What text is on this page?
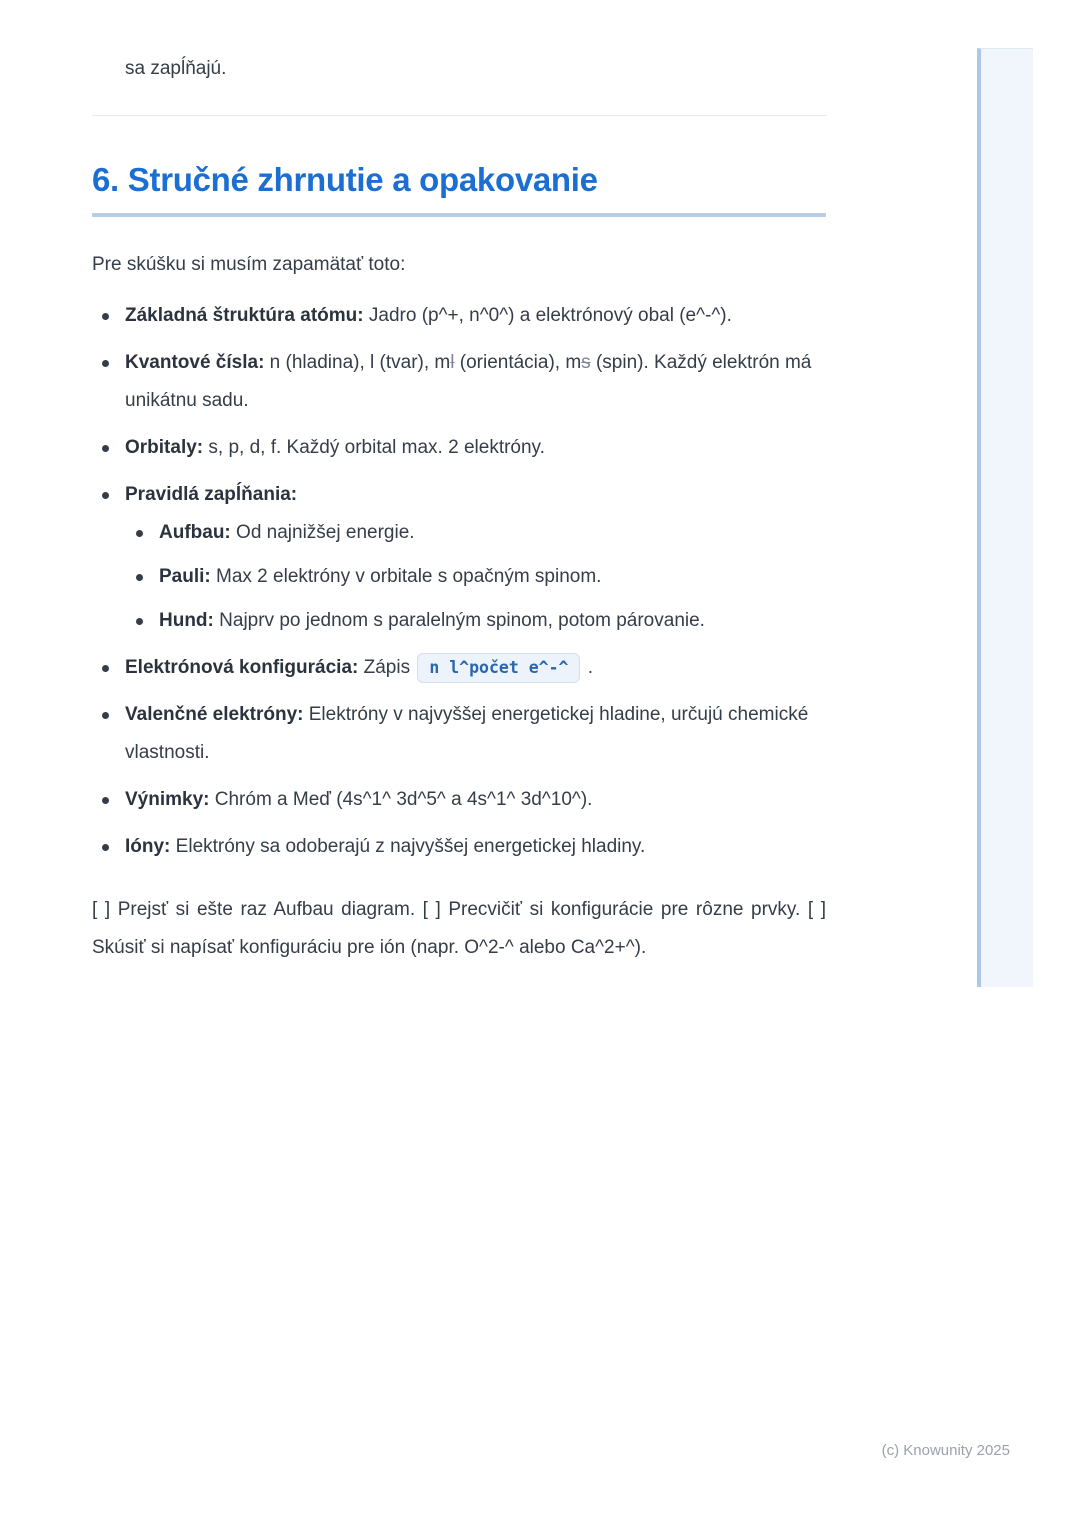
sa zapĺňajú.

6. Stručné zhrnutie a opakovanie

Pre skúšku si musím zapamätať toto:

Základná štruktúra atómu: Jadro (p^+, n^0^) a elektrónový obal (e^-^).
Kvantové čísla: n (hladina), l (tvar), ml (orientácia), ms (spin). Každý elektrón má unikátnu sadu.
Orbitaly: s, p, d, f. Každý orbital max. 2 elektróny.
Pravidlá zapĺňania:
Aufbau: Od najnižšej energie.
Pauli: Max 2 elektróny v orbitale s opačným spinom.
Hund: Najprv po jednom s paralelným spinom, potom párovanie.
Elektrónová konfigurácia: Zápis n l^počet e^-^ .
Valenčné elektróny: Elektróny v najvyššej energetickej hladine, určujú chemické vlastnosti.
Výnimky: Chróm a Meď (4s^1^ 3d^5^ a 4s^1^ 3d^10^).
Ióny: Elektróny sa odoberajú z najvyššej energetickej hladiny.

[ ] Prejsť si ešte raz Aufbau diagram. [ ] Precvičiť si konfigurácie pre rôzne prvky. [ ] Skúsiť si napísať konfiguráciu pre ión (napr. O^2-^ alebo Ca^2+^).

(c) Knowunity 2025
